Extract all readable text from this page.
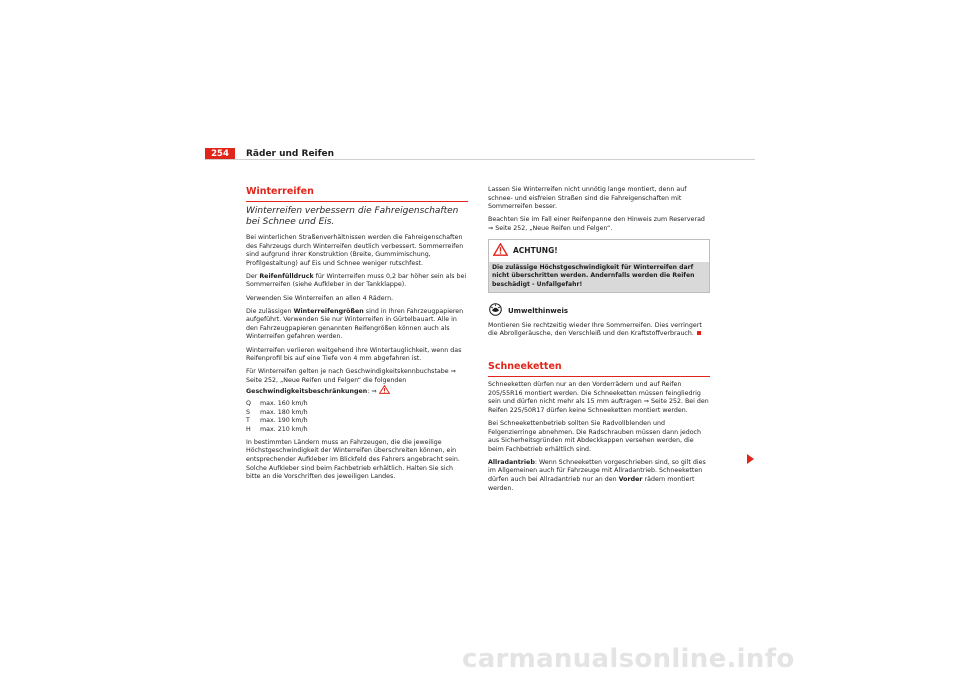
254	Räder und Reifen
Winterreifen
Winterreifen verbessern die Fahreigenschaften bei Schnee und Eis.

Bei winterlichen Straßenverhältnissen werden die Fahreigenschaften des Fahrzeugs durch Winterreifen deutlich verbessert. Sommerreifen sind aufgrund ihrer Konstruktion (Breite, Gummimischung, Profilgestaltung) auf Eis und Schnee weniger rutschfest.

Der Reifenfülldruck für Winterreifen muss 0,2 bar höher sein als bei Sommerreifen (siehe Aufkleber in der Tankklappe).

Verwenden Sie Winterreifen an allen 4 Rädern.

Die zulässigen Winterreifengrößen sind in Ihren Fahrzeugpapieren aufgeführt. Verwenden Sie nur Winterreifen in Gürtelbauart. Alle in den Fahrzeugpapieren genannten Reifengrößen können auch als Winterreifen gefahren werden.

Winterreifen verlieren weitgehend ihre Wintertauglichkeit, wenn das Reifenprofil bis auf eine Tiefe von 4 mm abgefahren ist.

Für Winterreifen gelten je nach Geschwindigkeitskennbuchstabe ⇒ Seite 252, „Neue Reifen und Felgen“ die folgenden Geschwindigkeitsbeschränkungen: ⇒

Q	max. 160 km/h
S	max. 180 km/h
T	max. 190 km/h
H	max. 210 km/h

In bestimmten Ländern muss an Fahrzeugen, die die jeweilige Höchstgeschwindigkeit der Winterreifen überschreiten können, ein entsprechender Aufkleber im Blickfeld des Fahrers angebracht sein. Solche Aufkleber sind beim Fachbetrieb erhältlich. Halten Sie sich bitte an die Vorschriften des jeweiligen Landes.

Lassen Sie Winterreifen nicht unnötig lange montiert, denn auf schnee- und eisfreien Straßen sind die Fahreigenschaften mit Sommerreifen besser.

Beachten Sie im Fall einer Reifenpanne den Hinweis zum Reserverad ⇒ Seite 252, „Neue Reifen und Felgen“.

ACHTUNG!
Die zulässige Höchstgeschwindigkeit für Winterreifen darf nicht überschritten werden. Andernfalls werden die Reifen beschädigt - Unfallgefahr!
Umwelthinweis

Montieren Sie rechtzeitig wieder Ihre Sommerreifen. Dies verringert die Abrollgeräusche, den Verschleiß und den Kraftstoffverbrauch.

Schneeketten

Schneeketten dürfen nur an den Vorderrädern und auf Reifen 205/55R16 montiert werden. Die Schneeketten müssen feingliedrig sein und dürfen nicht mehr als 15 mm auftragen ⇒ Seite 252. Bei den Reifen 225/50R17 dürfen keine Schneeketten montiert werden.

Bei Schneekettenbetrieb sollten Sie Radvollblenden und Felgenzierringe abnehmen. Die Radschrauben müssen dann jedoch aus Sicherheitsgründen mit Abdeckkappen versehen werden, die beim Fachbetrieb erhältlich sind.

Allradantrieb: Wenn Schneeketten vorgeschrieben sind, so gilt dies im Allgemeinen auch für Fahrzeuge mit Allradantrieb. Schneeketten dürfen auch bei Allradantrieb nur an den Vorder rädern montiert werden.

carmanualsonline.info
